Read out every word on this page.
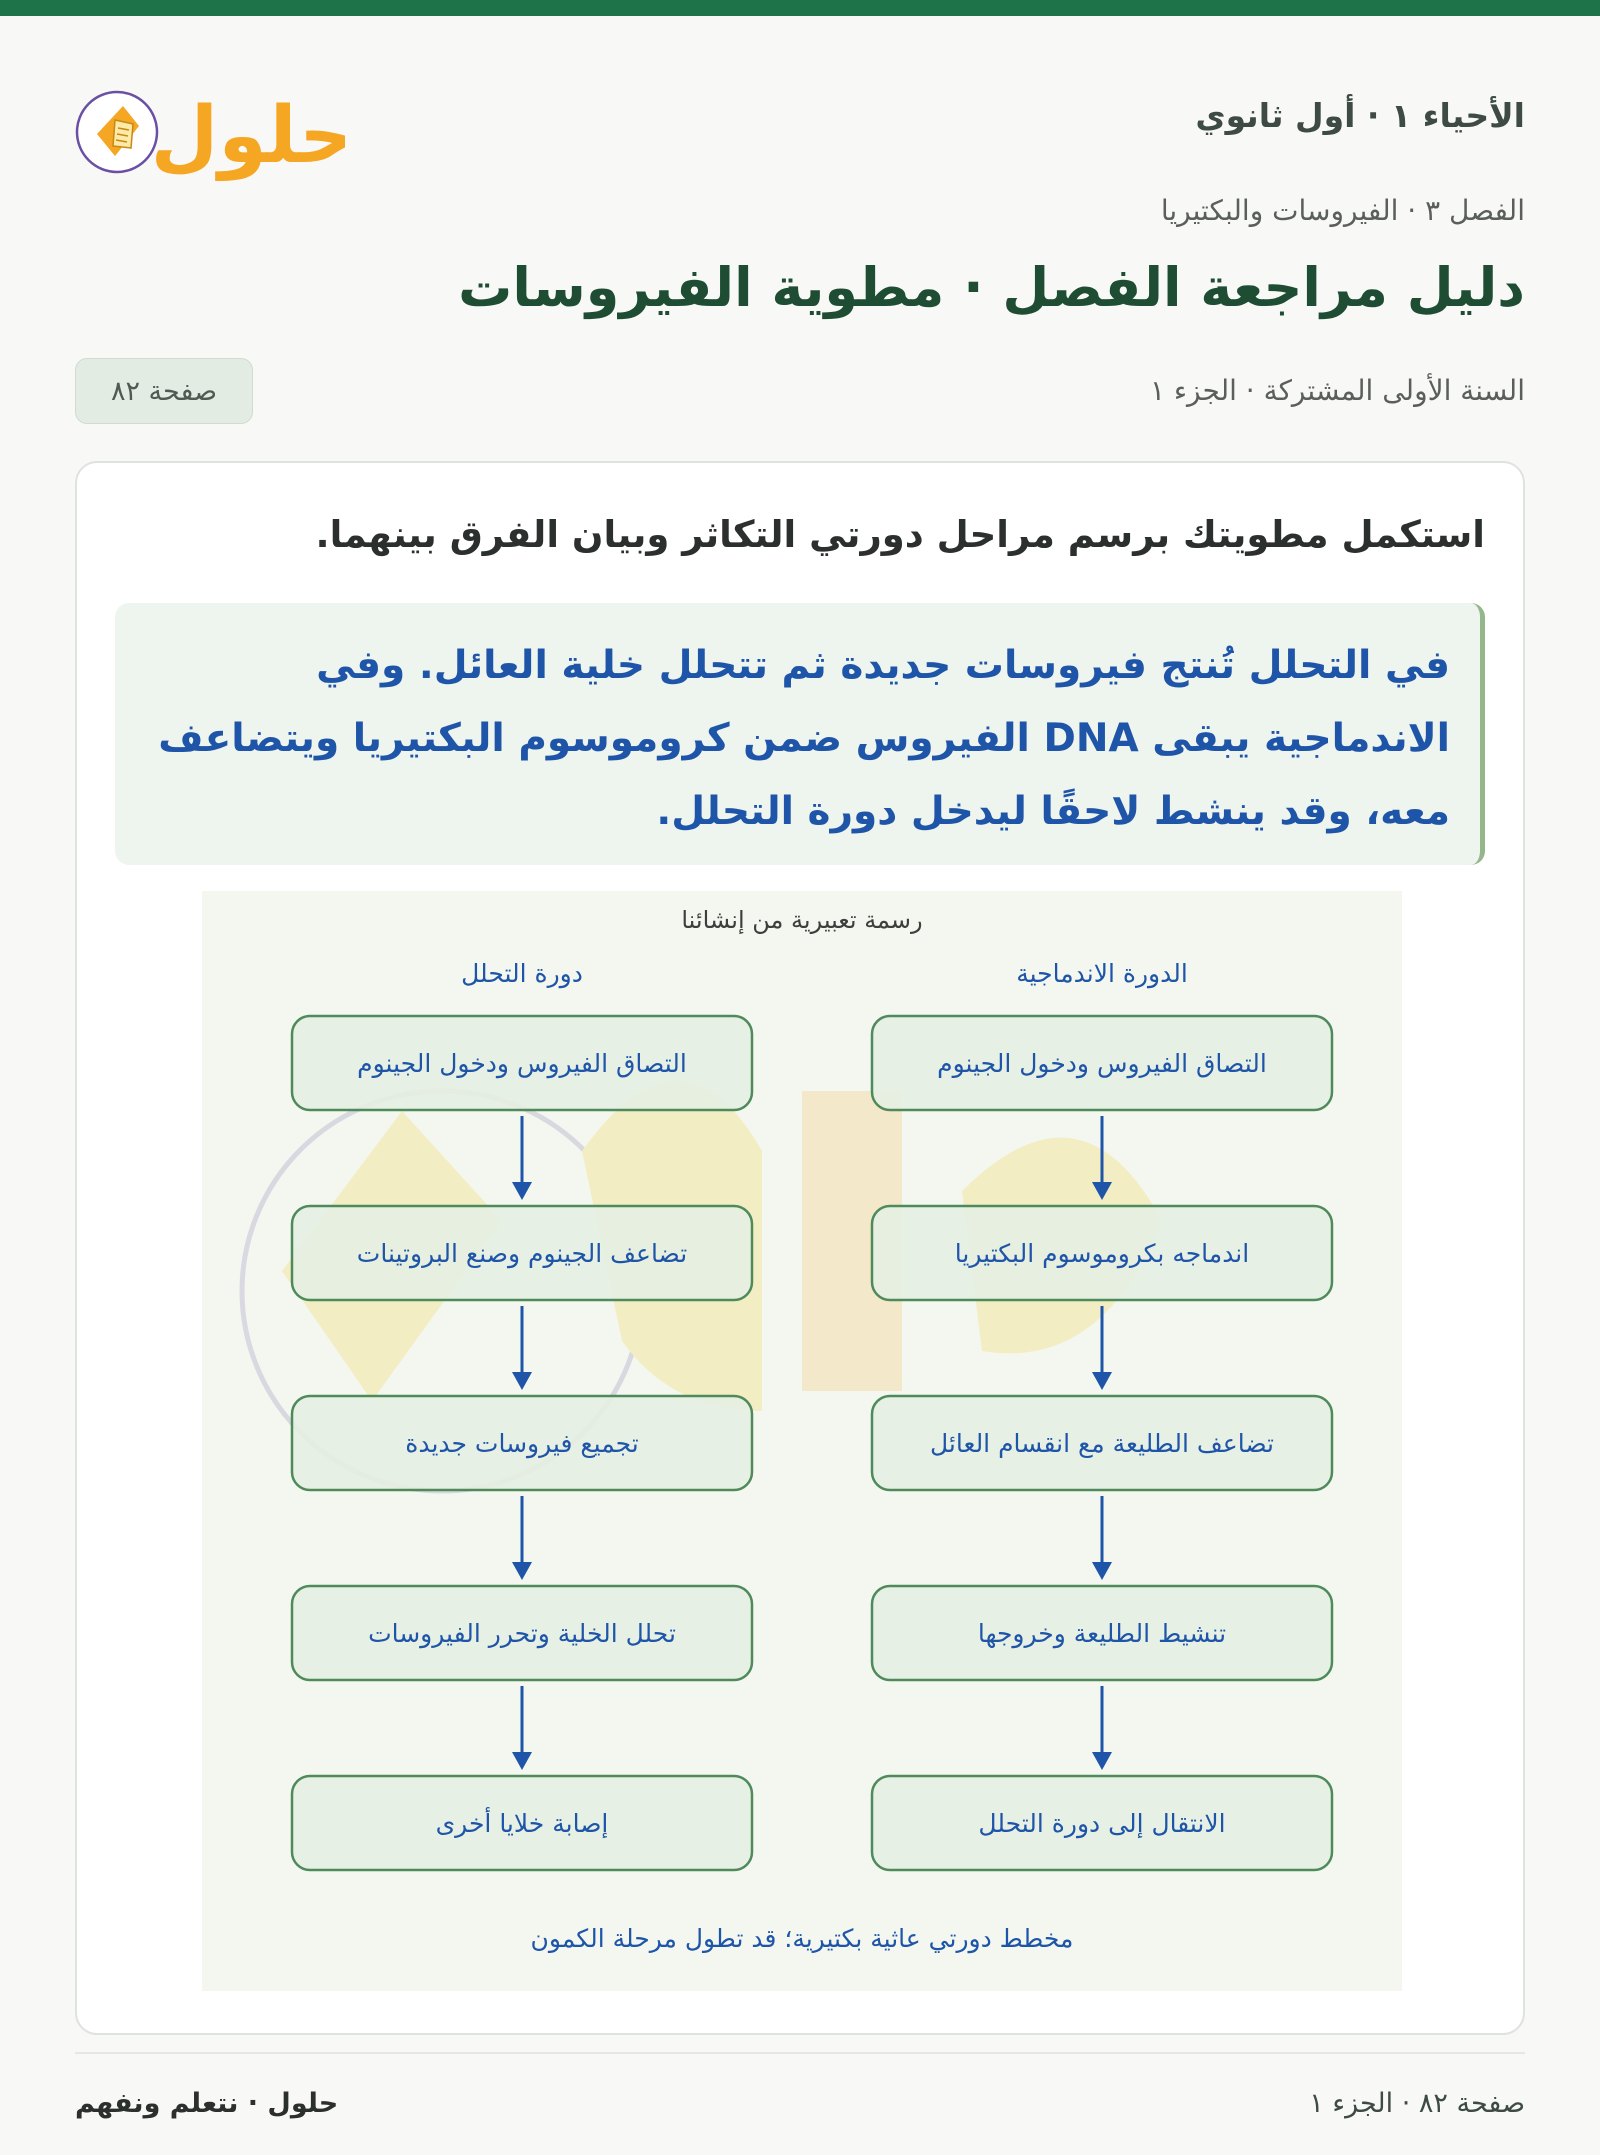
الأحياء ١ · أول ثانوي
حلول
الفصل ٣ · الفيروسات والبكتيريا
دليل مراجعة الفصل · مطوية الفيروسات
السنة الأولى المشتركة · الجزء ١
صفحة ٨٢
استكمل مطويتك برسم مراحل دورتي التكاثر وبيان الفرق بينهما.
في التحلل تُنتج فيروسات جديدة ثم تتحلل خلية العائل. وفي الاندماجية يبقى DNA الفيروس ضمن كروموسوم البكتيريا ويتضاعف معه، وقد ينشط لاحقًا ليدخل دورة التحلل.
رسمة تعبيرية من إنشائنا
دورة التحلل	الدورة الاندماجية
التصاق الفيروس ودخول الجينوم
تضاعف الجينوم وصنع البروتينات
تجميع فيروسات جديدة
تحلل الخلية وتحرر الفيروسات
إصابة خلايا أخرى
التصاق الفيروس ودخول الجينوم
اندماجه بكروموسوم البكتيريا
تضاعف الطليعة مع انقسام العائل
تنشيط الطليعة وخروجها
الانتقال إلى دورة التحلل
مخطط دورتي عاثية بكتيرية؛ قد تطول مرحلة الكمون
حلول · نتعلم ونفهم	صفحة ٨٢ · الجزء ١
